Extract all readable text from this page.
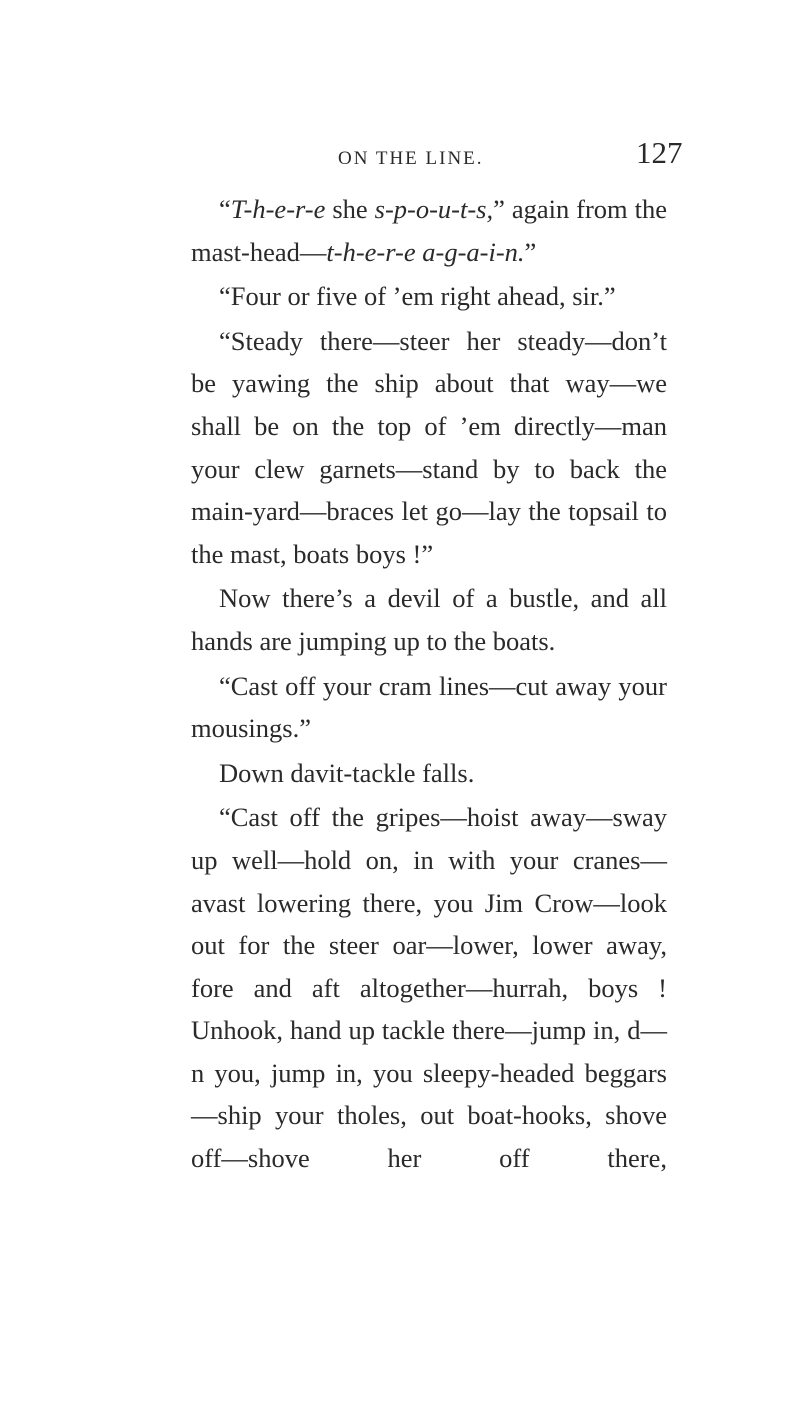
ON THE LINE.	127

“T-h-e-r-e she s-p-o-u-t-s,” again from the mast-head—t-h-e-r-e a-g-a-i-n.”

“Four or five of ’em right ahead, sir.”

“Steady there—steer her steady—don’t be yawing the ship about that way—we shall be on the top of ’em directly—man your clew garnets—stand by to back the main-yard—braces let go—lay the topsail to the mast, boats boys !”

Now there’s a devil of a bustle, and all hands are jumping up to the boats.

“Cast off your cram lines—cut away your mousings.”

Down davit-tackle falls.

“Cast off the gripes—hoist away—sway up well—hold on, in with your cranes—avast lowering there, you Jim Crow—look out for the steer oar—lower, lower away, fore and aft altogether—hurrah, boys ! Unhook, hand up tackle there—jump in, d—n you, jump in, you sleepy-headed beggars—ship your tholes, out boat-hooks, shove off—shove her off there,
